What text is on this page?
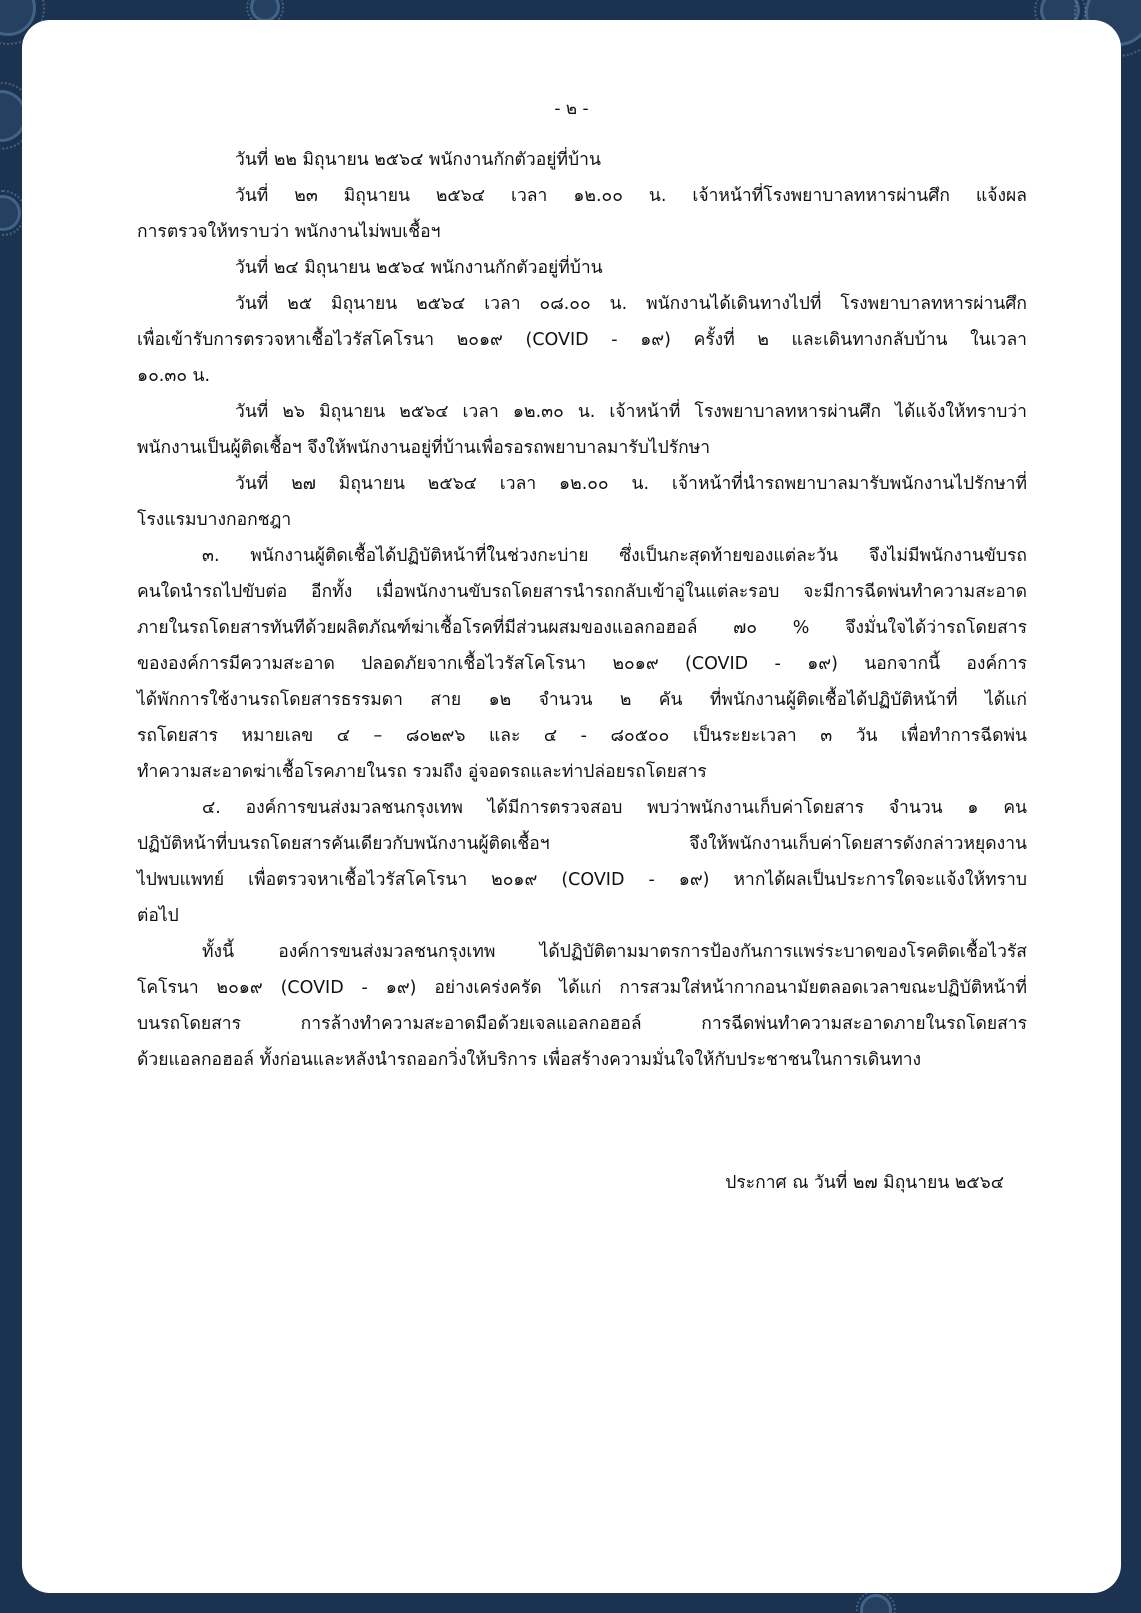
- ๒ -
วันที่ ๒๒ มิถุนายน ๒๕๖๔ พนักงานกักตัวอยู่ที่บ้าน
วันที่ ๒๓ มิถุนายน ๒๕๖๔ เวลา ๑๒.๐๐ น. เจ้าหน้าที่โรงพยาบาลทหารผ่านศึก แจ้งผล
การตรวจให้ทราบว่า พนักงานไม่พบเชื้อฯ
วันที่ ๒๔ มิถุนายน ๒๕๖๔ พนักงานกักตัวอยู่ที่บ้าน
วันที่ ๒๕ มิถุนายน ๒๕๖๔ เวลา ๐๘.๐๐ น. พนักงานได้เดินทางไปที่ โรงพยาบาลทหารผ่านศึก
เพื่อเข้ารับการตรวจหาเชื้อไวรัสโคโรนา ๒๐๑๙ (COVID - ๑๙) ครั้งที่ ๒ และเดินทางกลับบ้าน ในเวลา
๑๐.๓๐ น.
วันที่ ๒๖ มิถุนายน ๒๕๖๔ เวลา ๑๒.๓๐ น. เจ้าหน้าที่ โรงพยาบาลทหารผ่านศึก ได้แจ้งให้ทราบว่า
พนักงานเป็นผู้ติดเชื้อฯ จึงให้พนักงานอยู่ที่บ้านเพื่อรอรถพยาบาลมารับไปรักษา
วันที่ ๒๗ มิถุนายน ๒๕๖๔ เวลา ๑๒.๐๐ น. เจ้าหน้าที่นำรถพยาบาลมารับพนักงานไปรักษาที่
โรงแรมบางกอกชฎา
๓. พนักงานผู้ติดเชื้อได้ปฏิบัติหน้าที่ในช่วงกะบ่าย ซึ่งเป็นกะสุดท้ายของแต่ละวัน จึงไม่มีพนักงานขับรถ
คนใดนำรถไปขับต่อ อีกทั้ง เมื่อพนักงานขับรถโดยสารนำรถกลับเข้าอู่ในแต่ละรอบ จะมีการฉีดพ่นทำความสะอาด
ภายในรถโดยสารทันทีด้วยผลิตภัณฑ์ฆ่าเชื้อโรคที่มีส่วนผสมของแอลกอฮอล์ ๗๐ % จึงมั่นใจได้ว่ารถโดยสาร
ขององค์การมีความสะอาด ปลอดภัยจากเชื้อไวรัสโคโรนา ๒๐๑๙ (COVID - ๑๙) นอกจากนี้ องค์การ
ได้พักการใช้งานรถโดยสารธรรมดา สาย ๑๒ จำนวน ๒ คัน ที่พนักงานผู้ติดเชื้อได้ปฏิบัติหน้าที่ ได้แก่
รถโดยสาร หมายเลข ๔ – ๘๐๒๙๖ และ ๔ - ๘๐๕๐๐ เป็นระยะเวลา ๓ วัน เพื่อทำการฉีดพ่น
ทำความสะอาดฆ่าเชื้อโรคภายในรถ รวมถึง อู่จอดรถและท่าปล่อยรถโดยสาร
๔. องค์การขนส่งมวลชนกรุงเทพ ได้มีการตรวจสอบ พบว่าพนักงานเก็บค่าโดยสาร จำนวน ๑ คน
ปฏิบัติหน้าที่บนรถโดยสารคันเดียวกับพนักงานผู้ติดเชื้อฯ จึงให้พนักงานเก็บค่าโดยสารดังกล่าวหยุดงาน
ไปพบแพทย์ เพื่อตรวจหาเชื้อไวรัสโคโรนา ๒๐๑๙ (COVID - ๑๙) หากได้ผลเป็นประการใดจะแจ้งให้ทราบ
ต่อไป
ทั้งนี้ องค์การขนส่งมวลชนกรุงเทพ ได้ปฏิบัติตามมาตรการป้องกันการแพร่ระบาดของโรคติดเชื้อไวรัส
โคโรนา ๒๐๑๙ (COVID - ๑๙) อย่างเคร่งครัด ได้แก่ การสวมใส่หน้ากากอนามัยตลอดเวลาขณะปฏิบัติหน้าที่
บนรถโดยสาร การล้างทำความสะอาดมือด้วยเจลแอลกอฮอล์ การฉีดพ่นทำความสะอาดภายในรถโดยสาร
ด้วยแอลกอฮอล์ ทั้งก่อนและหลังนำรถออกวิ่งให้บริการ เพื่อสร้างความมั่นใจให้กับประชาชนในการเดินทาง
ประกาศ ณ วันที่ ๒๗ มิถุนายน ๒๕๖๔
